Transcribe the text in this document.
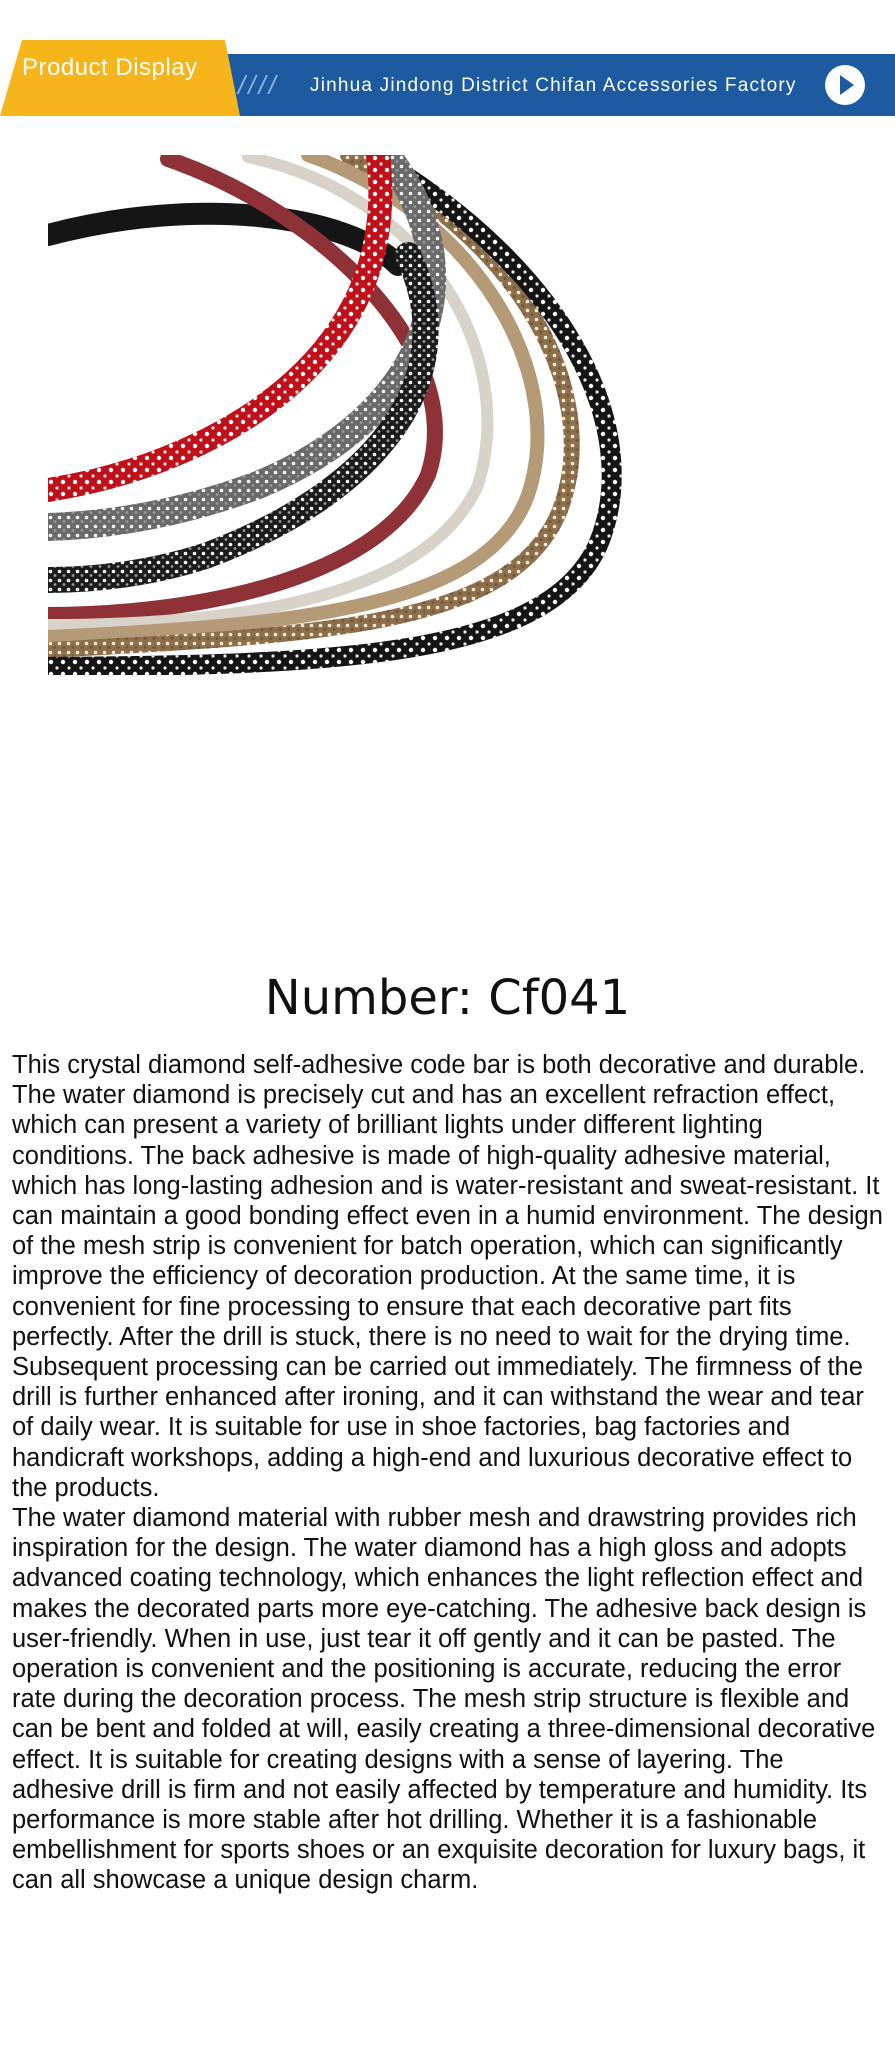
Product Display
//// Jinhua Jindong District Chifan Accessories Factory
Number: Cf041

This crystal diamond self-adhesive code bar is both decorative and durable. The water diamond is precisely cut and has an excellent refraction effect, which can present a variety of brilliant lights under different lighting conditions. The back adhesive is made of high-quality adhesive material, which has long-lasting adhesion and is water-resistant and sweat-resistant. It can maintain a good bonding effect even in a humid environment. The design of the mesh strip is convenient for batch operation, which can significantly improve the efficiency of decoration production. At the same time, it is convenient for fine processing to ensure that each decorative part fits perfectly. After the drill is stuck, there is no need to wait for the drying time. Subsequent processing can be carried out immediately. The firmness of the drill is further enhanced after ironing, and it can withstand the wear and tear of daily wear. It is suitable for use in shoe factories, bag factories and handicraft workshops, adding a high-end and luxurious decorative effect to the products.

The water diamond material with rubber mesh and drawstring provides rich inspiration for the design. The water diamond has a high gloss and adopts advanced coating technology, which enhances the light reflection effect and makes the decorated parts more eye-catching. The adhesive back design is user-friendly. When in use, just tear it off gently and it can be pasted. The operation is convenient and the positioning is accurate, reducing the error rate during the decoration process. The mesh strip structure is flexible and can be bent and folded at will, easily creating a three-dimensional decorative effect. It is suitable for creating designs with a sense of layering. The adhesive drill is firm and not easily affected by temperature and humidity. Its performance is more stable after hot drilling. Whether it is a fashionable embellishment for sports shoes or an exquisite decoration for luxury bags, it can all showcase a unique design charm.
